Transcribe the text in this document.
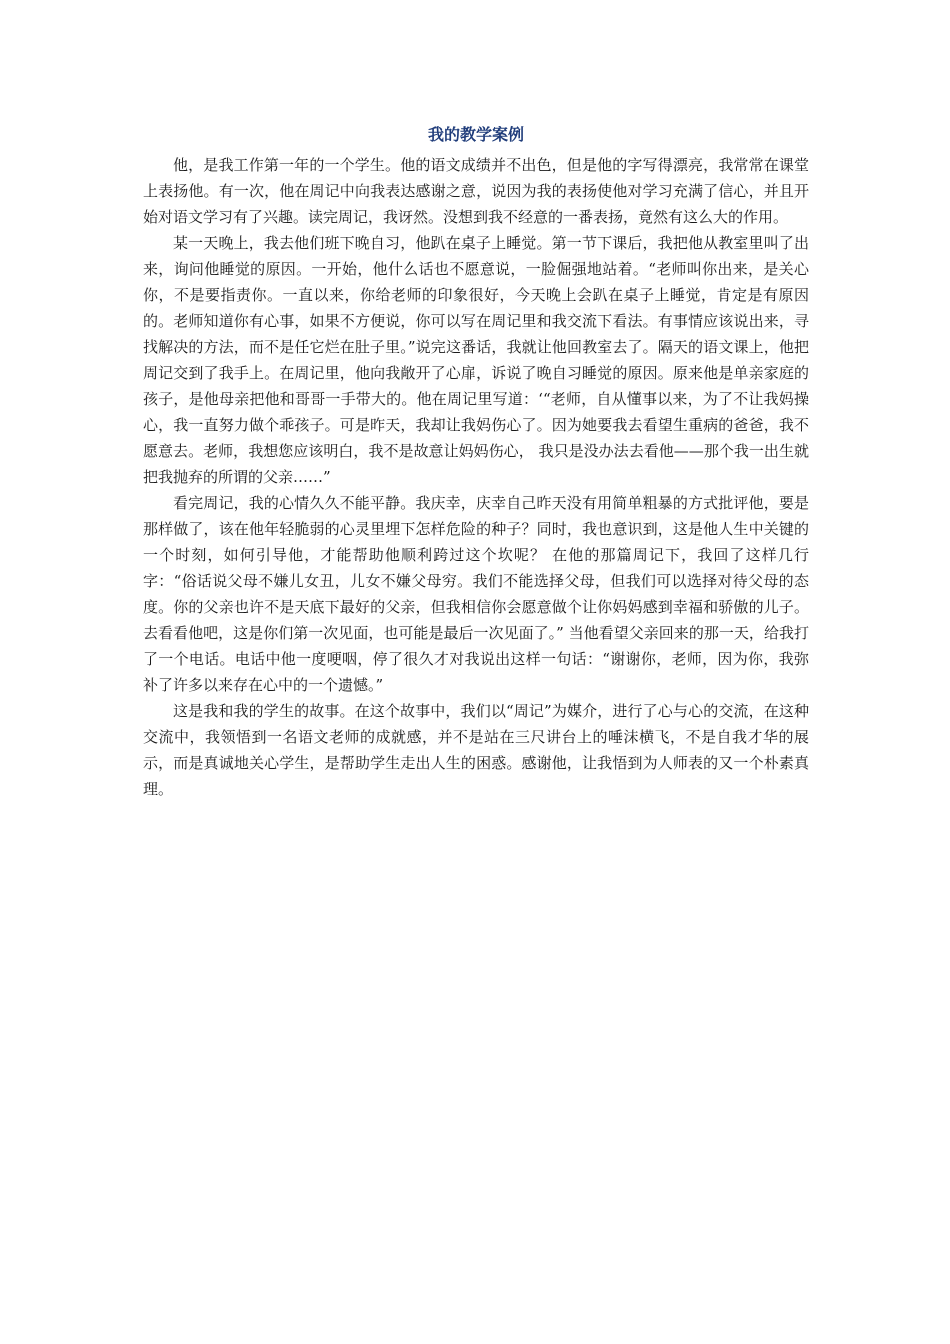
我的教学案例

他，是我工作第一年的一个学生。他的语文成绩并不出色，但是他的字写得漂亮，我常常在课堂上表扬他。有一次，他在周记中向我表达感谢之意，说因为我的表扬使他对学习充满了信心，并且开始对语文学习有了兴趣。读完周记，我讶然。没想到我不经意的一番表扬，竟然有这么大的作用。

某一天晚上，我去他们班下晚自习，他趴在桌子上睡觉。第一节下课后，我把他从教室里叫了出来，询问他睡觉的原因。一开始，他什么话也不愿意说，一脸倔强地站着。“老师叫你出来，是关心你，不是要指责你。一直以来，你给老师的印象很好，今天晚上会趴在桌子上睡觉，肯定是有原因的。老师知道你有心事，如果不方便说，你可以写在周记里和我交流下看法。有事情应该说出来，寻找解决的方法，而不是任它烂在肚子里。”说完这番话，我就让他回教室去了。隔天的语文课上，他把周记交到了我手上。在周记里，他向我敞开了心扉，诉说了晚自习睡觉的原因。原来他是单亲家庭的孩子，是他母亲把他和哥哥一手带大的。他在周记里写道：‘“老师，自从懂事以来，为了不让我妈操心，我一直努力做个乖孩子。可是昨天，我却让我妈伤心了。因为她要我去看望生重病的爸爸，我不愿意去。老师，我想您应该明白，我不是故意让妈妈伤心， 我只是没办法去看他——那个我一出生就把我抛弃的所谓的父亲……”

看完周记，我的心情久久不能平静。我庆幸，庆幸自己昨天没有用简单粗暴的方式批评他，要是那样做了，该在他年轻脆弱的心灵里埋下怎样危险的种子？同时，我也意识到，这是他人生中关键的一个时刻，如何引导他，才能帮助他顺利跨过这个坎呢？ 在他的那篇周记下，我回了这样几行字：“俗话说父母不嫌儿女丑，儿女不嫌父母穷。我们不能选择父母，但我们可以选择对待父母的态度。你的父亲也许不是天底下最好的父亲，但我相信你会愿意做个让你妈妈感到幸福和骄傲的儿子。去看看他吧，这是你们第一次见面，也可能是最后一次见面了。” 当他看望父亲回来的那一天，给我打了一个电话。电话中他一度哽咽，停了很久才对我说出这样一句话：“谢谢你，老师，因为你，我弥补了许多以来存在心中的一个遗憾。”

这是我和我的学生的故事。在这个故事中，我们以“周记”为媒介，进行了心与心的交流，在这种交流中，我领悟到一名语文老师的成就感，并不是站在三尺讲台上的唾沫横飞，不是自我才华的展示，而是真诚地关心学生，是帮助学生走出人生的困惑。感谢他，让我悟到为人师表的又一个朴素真理。
